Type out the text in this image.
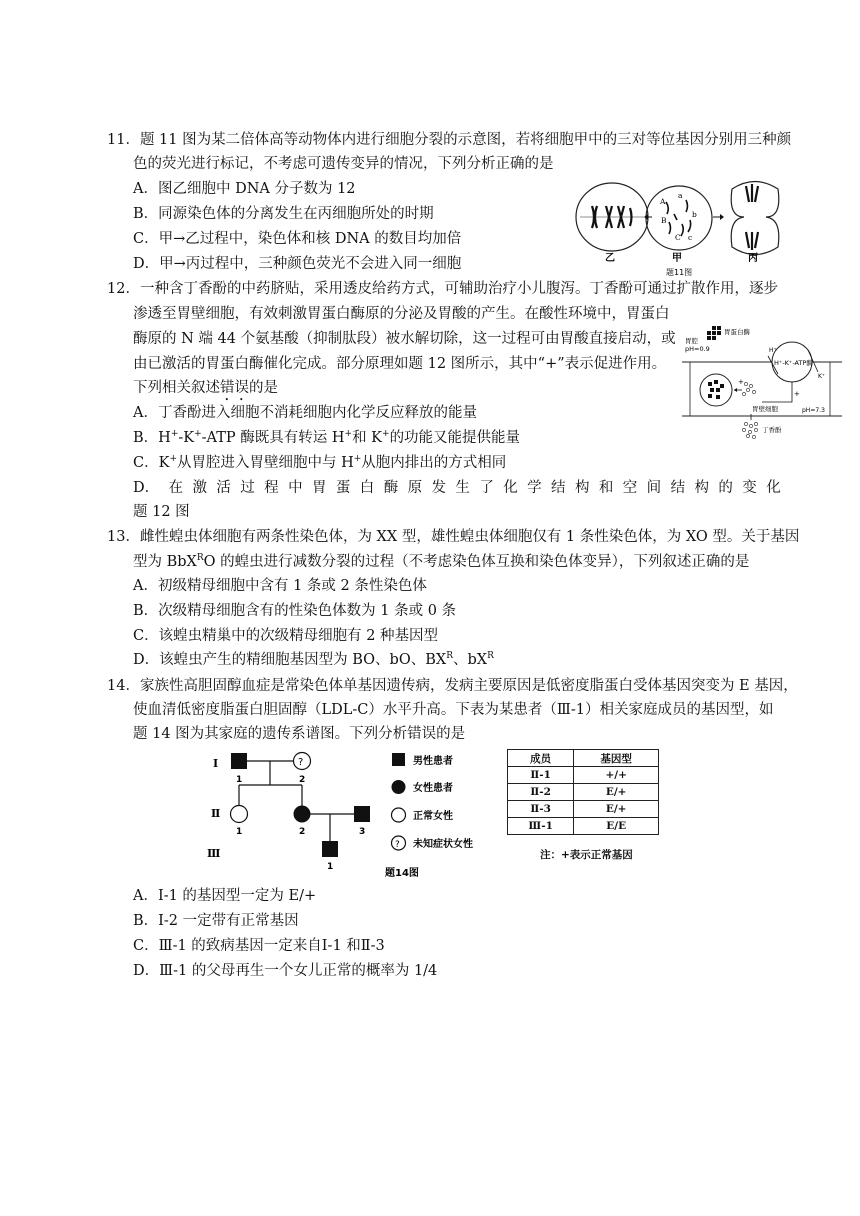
11．题 11 图为某二倍体高等动物体内进行细胞分裂的示意图，若将细胞甲中的三对等位基因分别用三种颜
色的荧光进行标记，不考虑可遗传变异的情况，下列分析正确的是
A．图乙细胞中 DNA 分子数为 12
B．同源染色体的分离发生在丙细胞所处的时期
C．甲→乙过程中，染色体和核 DNA 的数目均加倍
D．甲→丙过程中，三种颜色荧光不会进入同一细胞
A
a
B
b
C c
乙	甲	丙
题11图
12．一种含丁香酚的中药脐贴，采用透皮给药方式，可辅助治疗小儿腹泻。丁香酚可通过扩散作用，逐步
渗透至胃壁细胞，有效刺激胃蛋白酶原的分泌及胃酸的产生。在酸性环境中，胃蛋白
酶原的 N 端 44 个氨基酸（抑制肽段）被水解切除，这一过程可由胃酸直接启动，或
由已激活的胃蛋白酶催化完成。部分原理如题 12 图所示，其中“+”表示促进作用。
下列相关叙述错误的是
A．丁香酚进入细胞不消耗细胞内化学反应释放的能量
B．H+-K+-ATP 酶既具有转运 H+和 K+的功能又能提供能量
C．K+从胃腔进入胃壁细胞中与 H+从胞内排出的方式相同
D． 在 激 活 过 程 中 胃 蛋 白 酶 原 发 生 了 化 学 结 构 和 空 间 结 构 的 变 化
题 12 图
H⁺-K⁺-ATP酶
H⁺
K⁺
胃蛋白酶
胃腔
pH=0.9
+
+
胃壁细胞	pH=7.3
丁香酚
13．雌性蝗虫体细胞有两条性染色体，为 XX 型，雄性蝗虫体细胞仅有 1 条性染色体，为 XO 型。关于基因
型为 BbX$^R$O 的蝗虫进行减数分裂的过程（不考虑染色体互换和染色体变异），下列叙述正确的是
A．初级精母细胞中含有 1 条或 2 条性染色体
B．次级精母细胞含有的性染色体数为 1 条或 0 条
C．该蝗虫精巢中的次级精母细胞有 2 种基因型
D．该蝗虫产生的精细胞基因型为 BO、bO、$BX^R$、$bX^R$
14．家族性高胆固醇血症是常染色体单基因遗传病，发病主要原因是低密度脂蛋白受体基因突变为 E 基因，
使血清低密度脂蛋白胆固醇（LDL-C）水平升高。下表为某患者（Ⅲ-1）相关家庭成员的基因型，如
题 14 图为其家庭的遗传系谱图。下列分析错误的是
Ⅰ
Ⅱ
Ⅲ
?
1	2
1	2	3
1
男性患者
女性患者
正常女性
? 未知症状女性
题14图
成员	基因型
Ⅱ-1	+/+
Ⅱ-2	E/+
Ⅱ-3	E/+
Ⅲ-1	E/E
注：+表示正常基因
A．Ⅰ-1 的基因型一定为 E/+
B．Ⅰ-2 一定带有正常基因
C．Ⅲ-1 的致病基因一定来自Ⅰ-1 和Ⅱ-3
D．Ⅲ-1 的父母再生一个女儿正常的概率为 1/4
